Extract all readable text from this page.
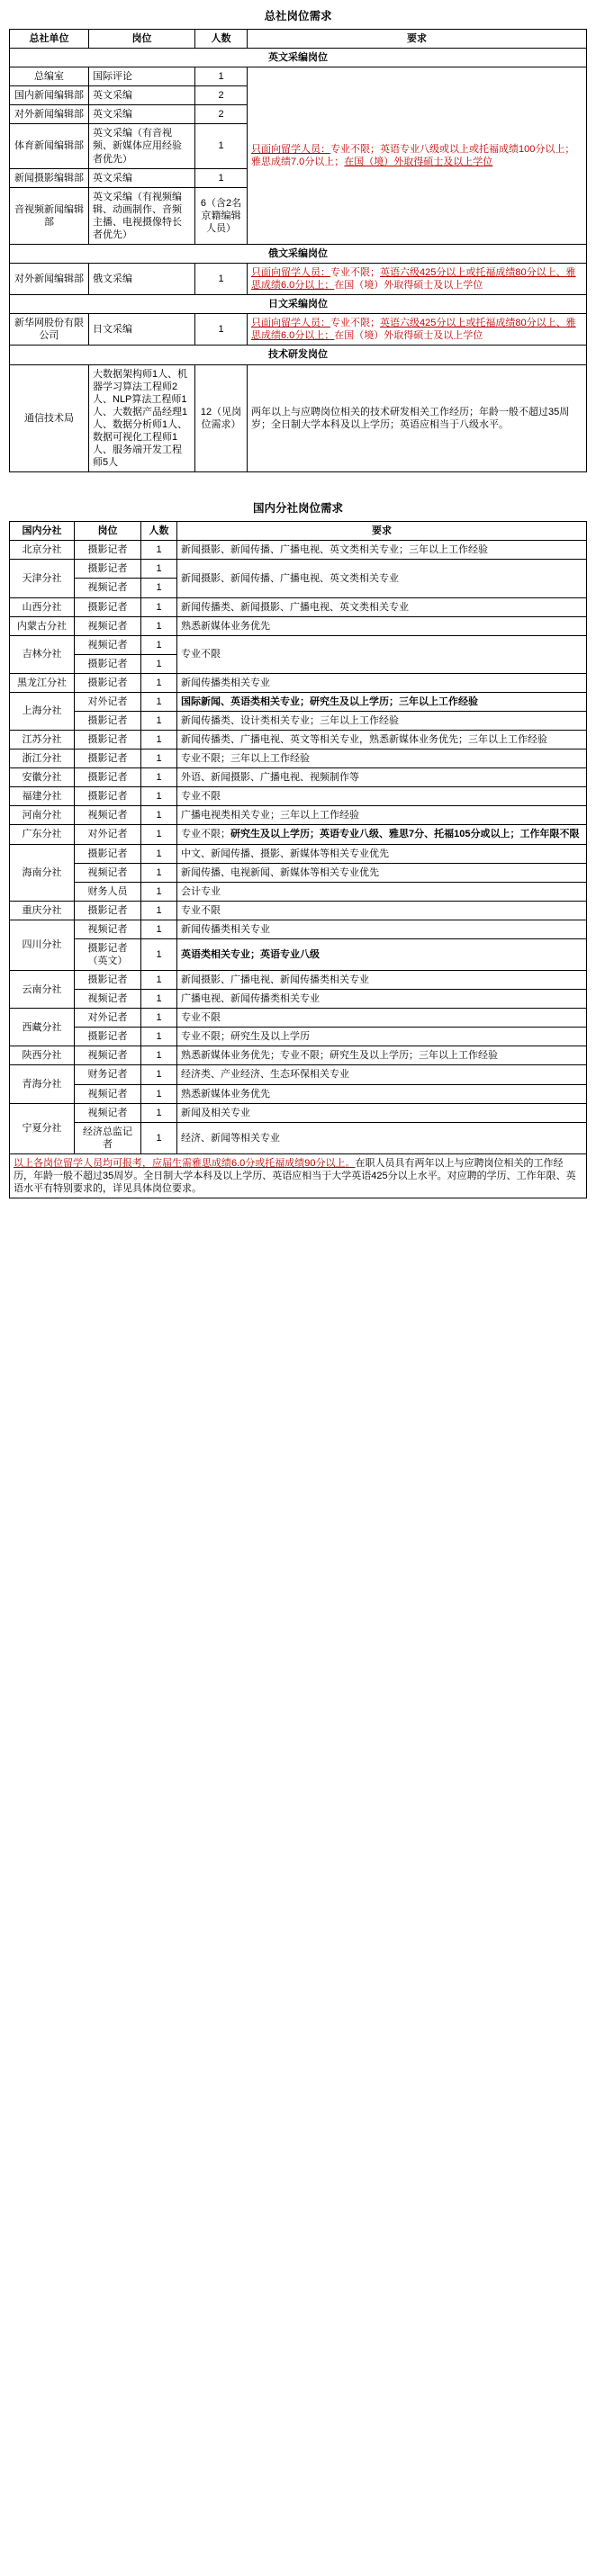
总社岗位需求
总社单位	岗位	人数	要求
英文采编岗位			
总编室	国际评论	1	只面向留学人员：专业不限；英语专业八级或以上或托福成绩100分以上；雅思成绩7.0分以上；在国（境）外取得硕士及以上学位
国内新闻编辑部	英文采编	2	
对外新闻编辑部	英文采编	2	
体育新闻编辑部	英文采编（有音视频、新媒体应用经验者优先）	1	
新闻摄影编辑部	英文采编	1	
音视频新闻编辑部	英文采编（有视频编辑、动画制作、音频主播、电视摄像特长者优先）	6（含2名京籍编辑人员）	
俄文采编岗位			
对外新闻编辑部	俄文采编	1	只面向留学人员：专业不限；英语六级425分以上或托福成绩80分以上、雅思成绩6.0分以上；在国（境）外取得硕士及以上学位
日文采编岗位			
新华网股份有限公司	日文采编	1	只面向留学人员：专业不限；英语六级425分以上或托福成绩80分以上、雅思成绩6.0分以上；在国（境）外取得硕士及以上学位
技术研发岗位			
通信技术局	大数据架构师1人、机器学习算法工程师2人、NLP算法工程师1人、大数据产品经理1人、数据分析师1人、数据可视化工程师1人、服务端开发工程师5人	12（见岗位需求）	两年以上与应聘岗位相关的技术研发相关工作经历；年龄一般不超过35周岁；全日制大学本科及以上学历；英语应相当于八级水平。
国内分社岗位需求
国内分社	岗位	人数	要求
北京分社	摄影记者	1	新闻摄影、新闻传播、广播电视、英文类相关专业；三年以上工作经验
天津分社	摄影记者	1	新闻摄影、新闻传播、广播电视、英文类相关专业
	视频记者	1	
山西分社	摄影记者	1	新闻传播类、新闻摄影、广播电视、英文类相关专业
内蒙古分社	视频记者	1	熟悉新媒体业务优先
吉林分社	视频记者	1	专业不限
	摄影记者	1	
黑龙江分社	摄影记者	1	新闻传播类相关专业
上海分社	对外记者	1	国际新闻、英语类相关专业；研究生及以上学历；三年以上工作经验
	摄影记者	1	新闻传播类、设计类相关专业；三年以上工作经验
江苏分社	摄影记者	1	新闻传播类、广播电视、英文等相关专业，熟悉新媒体业务优先；三年以上工作经验
浙江分社	摄影记者	1	专业不限；三年以上工作经验
安徽分社	摄影记者	1	外语、新闻摄影、广播电视、视频制作等
福建分社	摄影记者	1	专业不限
河南分社	视频记者	1	广播电视类相关专业；三年以上工作经验
广东分社	对外记者	1	专业不限；研究生及以上学历；英语专业八级、雅思7分、托福105分或以上；工作年限不限
海南分社	摄影记者	1	中文、新闻传播、摄影、新媒体等相关专业优先
	视频记者	1	新闻传播、电视新闻、新媒体等相关专业优先
	财务人员	1	会计专业
重庆分社	摄影记者	1	专业不限
四川分社	视频记者	1	新闻传播类相关专业
	摄影记者（英文）	1	英语类相关专业；英语专业八级
云南分社	摄影记者	1	新闻摄影、广播电视、新闻传播类相关专业
	视频记者	1	广播电视、新闻传播类相关专业
西藏分社	对外记者	1	专业不限
	摄影记者	1	专业不限；研究生及以上学历
陕西分社	视频记者	1	熟悉新媒体业务优先；专业不限；研究生及以上学历；三年以上工作经验
青海分社	财务记者	1	经济类、产业经济、生态环保相关专业
	视频记者	1	熟悉新媒体业务优先
宁夏分社	视频记者	1	新闻及相关专业
	经济总监记者	1	经济、新闻等相关专业
以上各岗位留学人员均可报考，应届生需雅思成绩6.0分或托福成绩90分以上。在职人员具有两年以上与应聘岗位相关的工作经历，年龄一般不超过35周岁。全日制大学本科及以上学历、英语应相当于大学英语425分以上水平。对应聘的学历、工作年限、英语水平有特别要求的，详见具体岗位要求。			
